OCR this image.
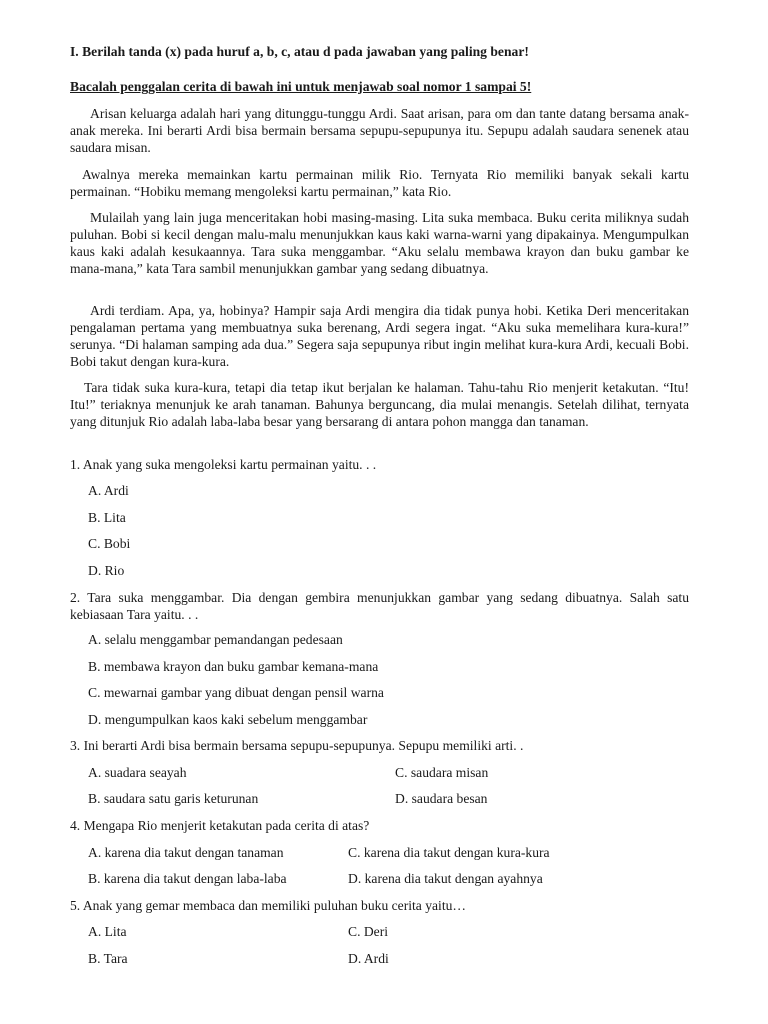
I. Berilah tanda (x) pada huruf a, b, c, atau d pada jawaban yang paling benar!
Bacalah penggalan cerita di bawah ini untuk menjawab soal nomor 1 sampai 5!
Arisan keluarga adalah hari yang ditunggu-tunggu Ardi. Saat arisan, para om dan tante datang bersama anak-anak mereka. Ini berarti Ardi bisa bermain bersama sepupu-sepupunya itu. Sepupu adalah saudara senenek atau saudara misan.
Awalnya mereka memainkan kartu permainan milik Rio. Ternyata Rio memiliki banyak sekali kartu permainan. “Hobiku memang mengoleksi kartu permainan,” kata Rio.
Mulailah yang lain juga menceritakan hobi masing-masing. Lita suka membaca. Buku cerita miliknya sudah puluhan. Bobi si kecil dengan malu-malu menunjukkan kaus kaki warna-warni yang dipakainya. Mengumpulkan kaus kaki adalah kesukaannya. Tara suka menggambar. “Aku selalu membawa krayon dan buku gambar ke mana-mana,” kata Tara sambil menunjukkan gambar yang sedang dibuatnya.
Ardi terdiam. Apa, ya, hobinya? Hampir saja Ardi mengira dia tidak punya hobi. Ketika Deri menceritakan pengalaman pertama yang membuatnya suka berenang, Ardi segera ingat. “Aku suka memelihara kura-kura!” serunya. “Di halaman samping ada dua.” Segera saja sepupunya ribut ingin melihat kura-kura Ardi, kecuali Bobi. Bobi takut dengan kura-kura.
Tara tidak suka kura-kura, tetapi dia tetap ikut berjalan ke halaman. Tahu-tahu Rio menjerit ketakutan. “Itu! Itu!” teriaknya menunjuk ke arah tanaman. Bahunya berguncang, dia mulai menangis. Setelah dilihat, ternyata yang ditunjuk Rio adalah laba-laba besar yang bersarang di antara pohon mangga dan tanaman.
1. Anak yang suka mengoleksi kartu permainan yaitu. . .
A. Ardi
B. Lita
C. Bobi
D. Rio
2. Tara suka menggambar. Dia dengan gembira menunjukkan gambar yang sedang dibuatnya. Salah satu kebiasaan Tara yaitu. . .
A. selalu menggambar pemandangan pedesaan
B. membawa krayon dan buku gambar kemana-mana
C. mewarnai gambar yang dibuat dengan pensil warna
D. mengumpulkan kaos kaki sebelum menggambar
3. Ini berarti Ardi bisa bermain bersama sepupu-sepupunya. Sepupu memiliki arti. .
A. suadara seayah	C. saudara misan
B. saudara satu garis keturunan	D. saudara besan
4. Mengapa Rio menjerit ketakutan pada cerita di atas?
A. karena dia takut dengan tanaman	C. karena dia takut dengan kura-kura
B. karena dia takut dengan laba-laba	D. karena dia takut dengan ayahnya
5. Anak yang gemar membaca dan memiliki puluhan buku cerita yaitu…
A. Lita	C. Deri
B. Tara	D. Ardi
